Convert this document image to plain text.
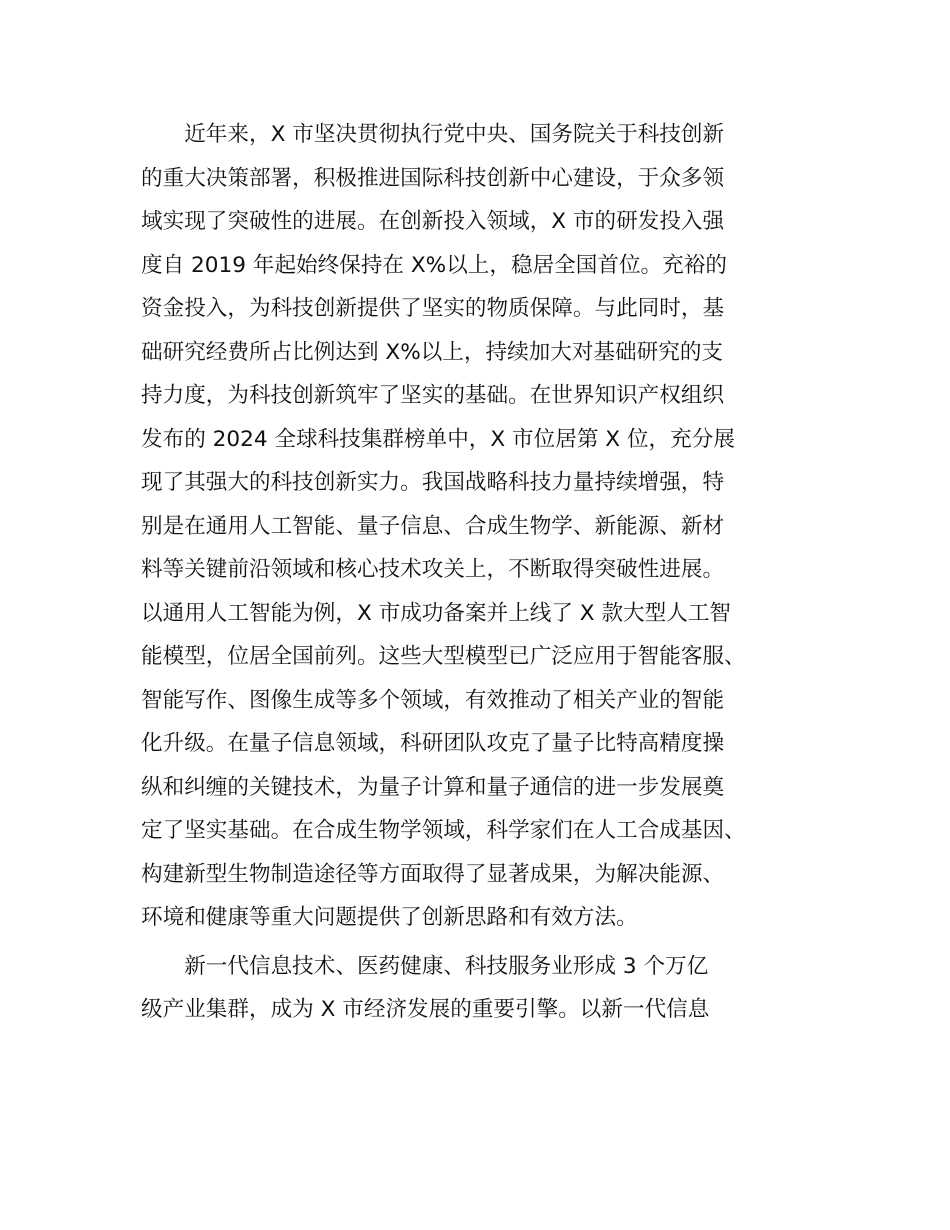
　　近年来，X 市坚决贯彻执行党中央、国务院关于科技创新
的重大决策部署，积极推进国际科技创新中心建设，于众多领
域实现了突破性的进展。在创新投入领域，X 市的研发投入强
度自 2019 年起始终保持在 X%以上，稳居全国首位。充裕的
资金投入，为科技创新提供了坚实的物质保障。与此同时，基
础研究经费所占比例达到 X%以上，持续加大对基础研究的支
持力度，为科技创新筑牢了坚实的基础。在世界知识产权组织
发布的 2024 全球科技集群榜单中，X 市位居第 X 位，充分展
现了其强大的科技创新实力。我国战略科技力量持续增强，特
别是在通用人工智能、量子信息、合成生物学、新能源、新材
料等关键前沿领域和核心技术攻关上，不断取得突破性进展。
以通用人工智能为例，X 市成功备案并上线了 X 款大型人工智
能模型，位居全国前列。这些大型模型已广泛应用于智能客服、
智能写作、图像生成等多个领域，有效推动了相关产业的智能
化升级。在量子信息领域，科研团队攻克了量子比特高精度操
纵和纠缠的关键技术，为量子计算和量子通信的进一步发展奠
定了坚实基础。在合成生物学领域，科学家们在人工合成基因、
构建新型生物制造途径等方面取得了显著成果，为解决能源、
环境和健康等重大问题提供了创新思路和有效方法。
　　新一代信息技术、医药健康、科技服务业形成 3 个万亿
级产业集群，成为 X 市经济发展的重要引擎。以新一代信息
